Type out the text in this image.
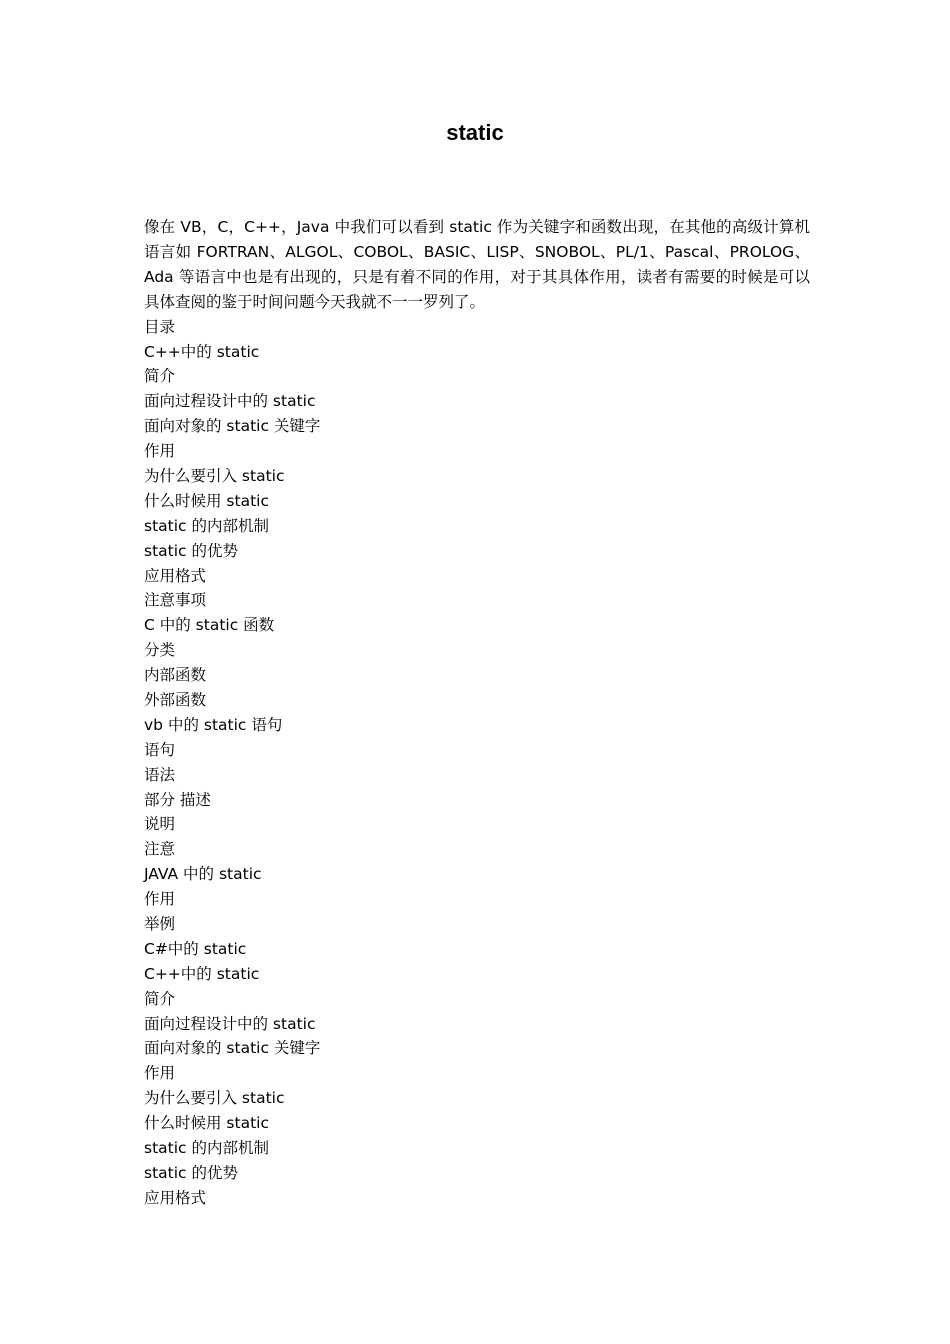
static

像在 VB，C，C++，Java 中我们可以看到 static 作为关键字和函数出现，在其他的高级计算机语言如 FORTRAN、ALGOL、COBOL、BASIC、LISP、SNOBOL、PL/1、Pascal、PROLOG、Ada 等语言中也是有出现的，只是有着不同的作用，对于其具体作用，读者有需要的时候是可以具体查阅的鉴于时间问题今天我就不一一罗列了。

目录
C++中的 static
简介
面向过程设计中的 static
面向对象的 static 关键字
作用
为什么要引入 static
什么时候用 static
static 的内部机制
static 的优势
应用格式
注意事项
C 中的 static 函数
分类
内部函数
外部函数
vb 中的 static 语句
语句
语法
部分 描述
说明
注意
JAVA 中的 static
作用
举例
C#中的 static
C++中的 static
简介
面向过程设计中的 static
面向对象的 static 关键字
作用
为什么要引入 static
什么时候用 static
static 的内部机制
static 的优势
应用格式
